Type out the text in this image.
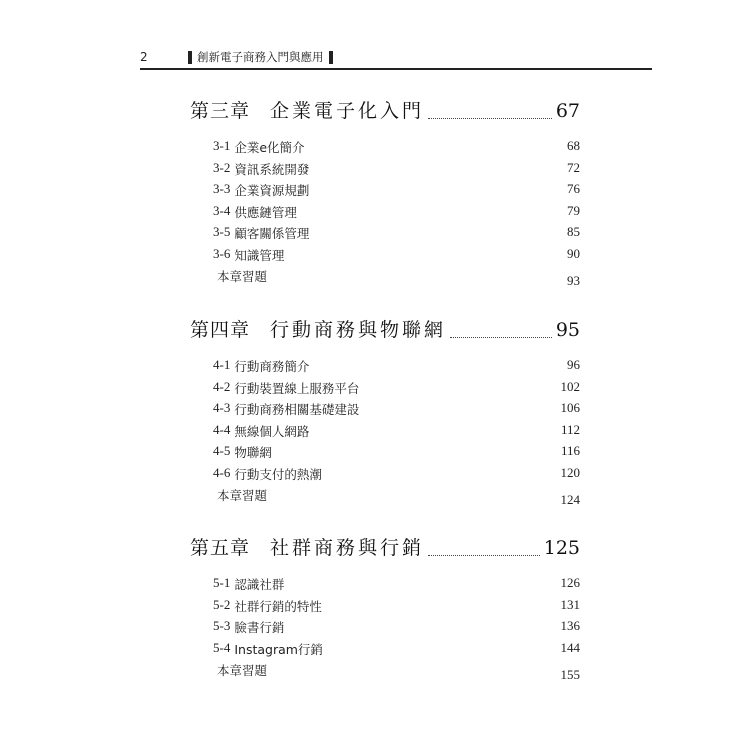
2	創新電子商務入門與應用
第三章 企業電子化入門	67
3-1 企業e化簡介	68
3-2 資訊系統開發	72
3-3 企業資源規劃	76
3-4 供應鏈管理	79
3-5 顧客關係管理	85
3-6 知識管理	90
本章習題	93
第四章 行動商務與物聯網	95
4-1 行動商務簡介	96
4-2 行動裝置線上服務平台	102
4-3 行動商務相關基礎建設	106
4-4 無線個人網路	112
4-5 物聯網	116
4-6 行動支付的熱潮	120
本章習題	124
第五章 社群商務與行銷	125
5-1 認識社群	126
5-2 社群行銷的特性	131
5-3 臉書行銷	136
5-4 Instagram行銷	144
本章習題	155
